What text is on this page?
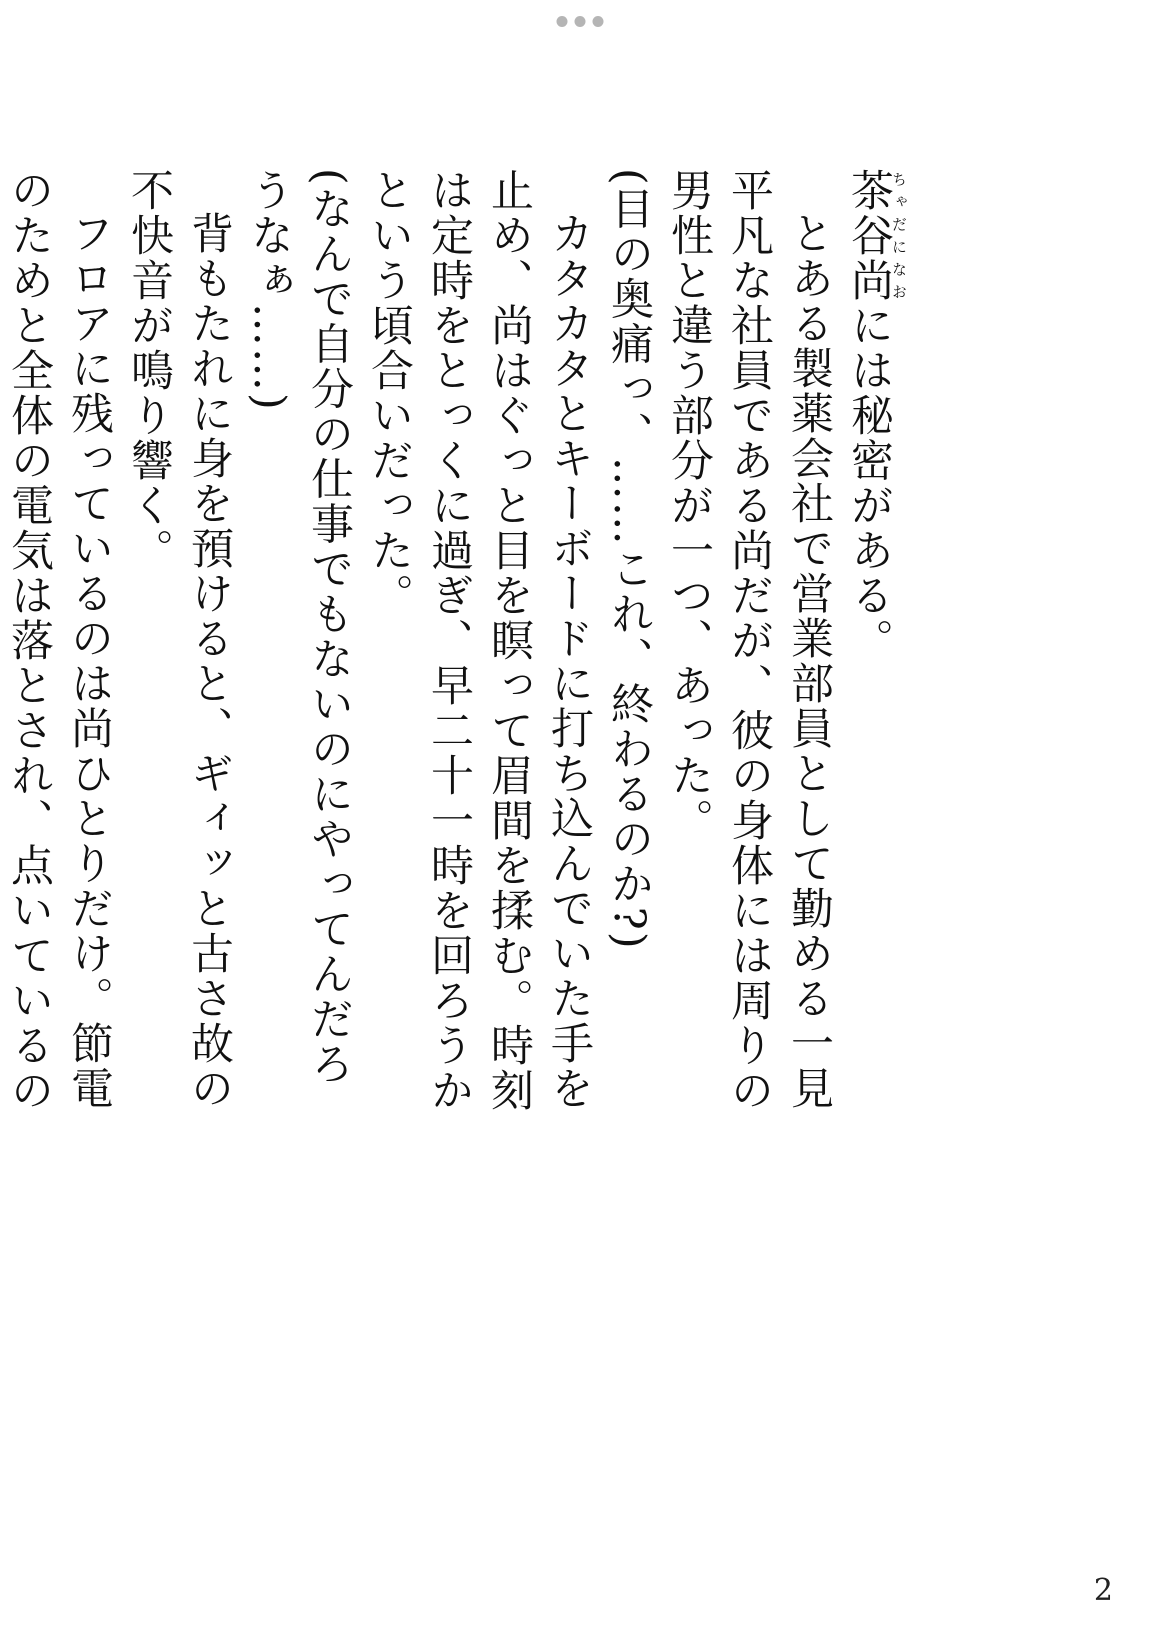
茶谷尚ちゃだになおには秘密がある。

とある製薬会社で営業部員として勤める一見
平凡な社員である尚だが、彼の身体には周りの
男性と違う部分が一つ、あった。

(目の奥痛っ、……これ、終わるのか?)

カタカタとキーボードに打ち込んでいた手を
止め、尚はぐっと目を瞑って眉間を揉む。時刻
は定時をとっくに過ぎ、早二十一時を回ろうか
という頃合いだった。

(なんで自分の仕事でもないのにやってんだろ
うなぁ……)

背もたれに身を預けると、ギィッと古さ故の
不快音が鳴り響く。

フロアに残っているのは尚ひとりだけ。節電
のためと全体の電気は落とされ、点いているの

2
